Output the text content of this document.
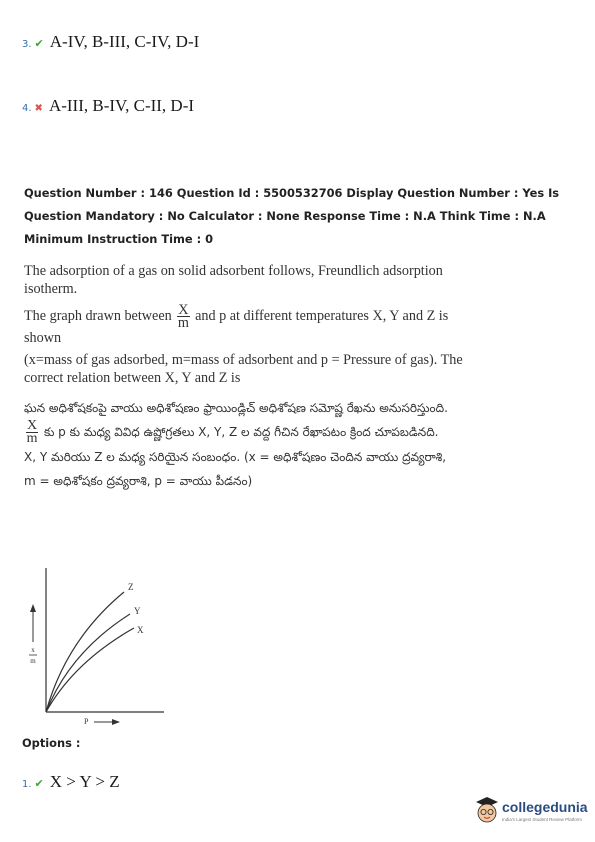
3. ✔ A-IV, B-III, C-IV, D-I
4. ✖ A-III, B-IV, C-II, D-I
Question Number : 146 Question Id : 5500532706 Display Question Number : Yes Is Question Mandatory : No Calculator : None Response Time : N.A Think Time : N.A Minimum Instruction Time : 0
The adsorption of a gas on solid adsorbent follows, Freundlich adsorption isotherm.
The graph drawn between $\frac{X}{m}$ and p at different temperatures X, Y and Z is shown
(x=mass of gas adsorbed, m=mass of adsorbent and p = Pressure of gas). The correct relation between X, Y and Z is
ఘన అధిశోషకంపై వాయు అధిశోషణం ఫ్రాయిండ్లిచ్ అధిశోషణ సమోష్ణ రేఖను అనుసరిస్తుంది.
$\frac{X}{m}$ కు p కు మధ్య వివిధ ఉష్ణోగ్రతలు X, Y, Z ల వద్ద గీచిన రేఖాపటం క్రింద చూపబడినది.
X, Y మరియు Z ల మధ్య సరియైన సంబంధం. (x = అధిశోషణం చెందిన వాయు ద్రవ్యరాశి,
m = అధిశోషకం ద్రవ్యరాశి, p = వాయు పీడనం)
Z
Y
X
x
m
P
Options :
1. ✔ X > Y > Z
collegedunia
India's Largest Student Review Platform
